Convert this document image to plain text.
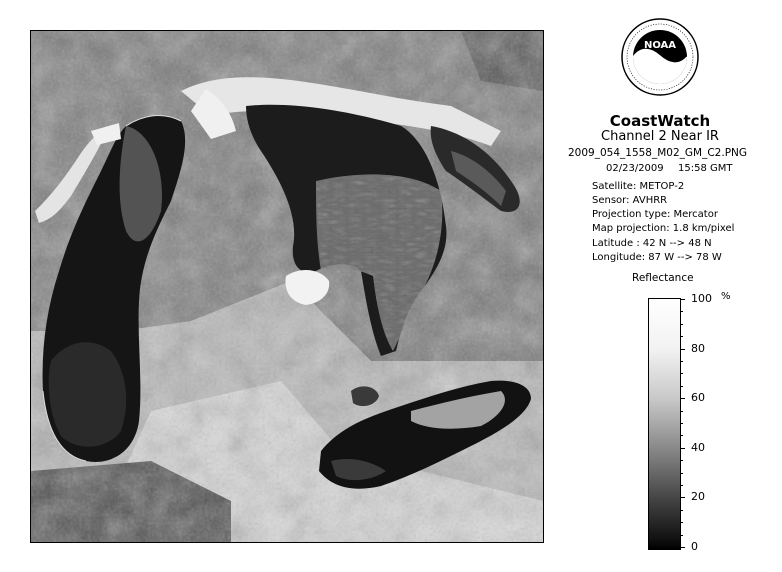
NOAA
CoastWatch
Channel 2 Near IR
2009_054_1558_M02_GM_C2.PNG
02/23/2009 15:58 GMT
Satellite: METOP-2
Sensor: AVHRR
Projection type: Mercator
Map projection: 1.8 km/pixel
Latitude : 42 N --> 48 N
Longitude: 87 W --> 78 W
Reflectance
%
100
80
60
40
20
0
